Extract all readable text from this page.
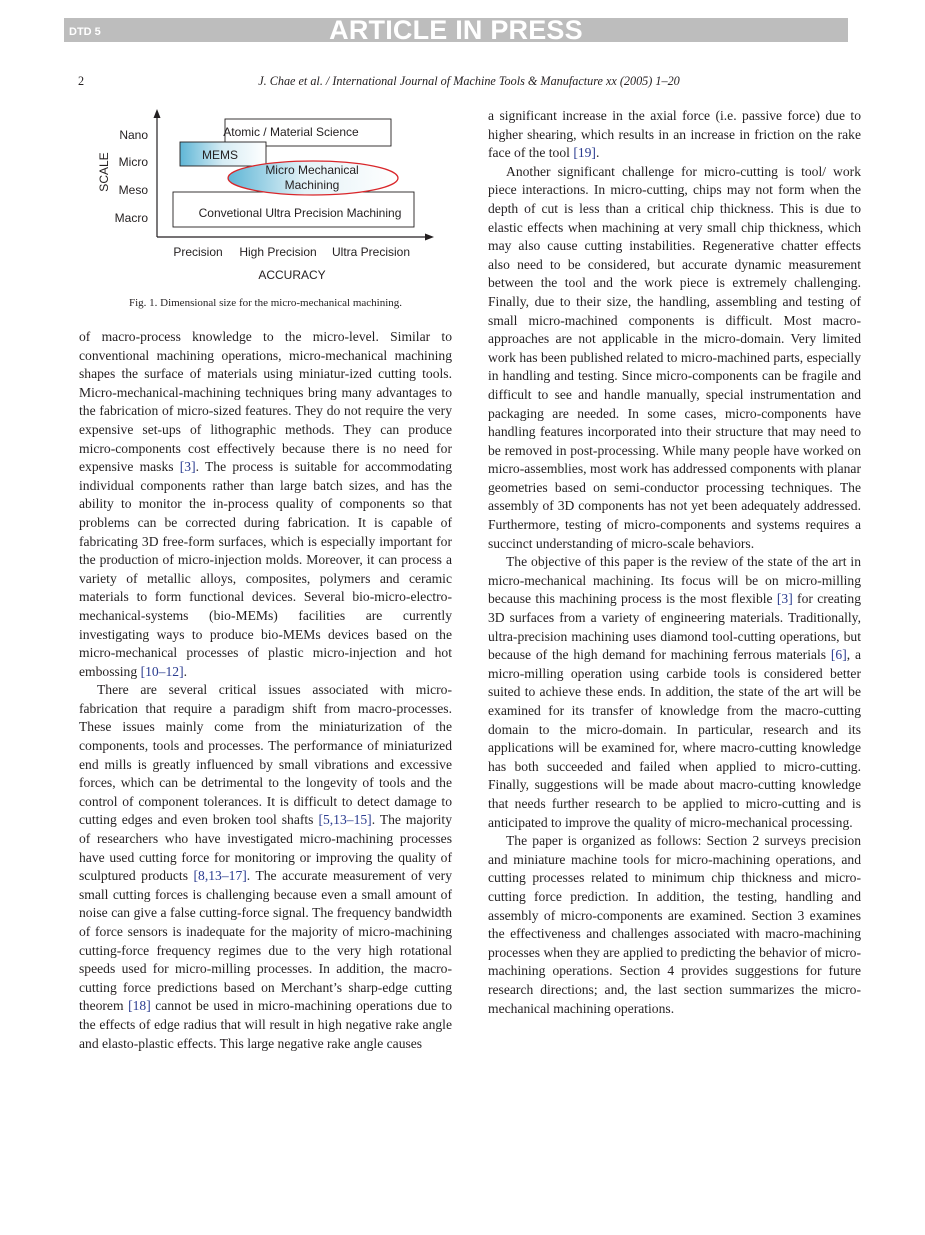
DTD 5	ARTICLE IN PRESS
2	J. Chae et al. / International Journal of Machine Tools & Manufacture xx (2005) 1–20
Nano
Micro
Meso
Macro
SCALE
Precision High Precision Ultra Precision
ACCURACY
Atomic / Material Science
MEMS
Convetional Ultra Precision Machining
Micro Mechanical
Machining
Fig. 1. Dimensional size for the micro-mechanical machining.

of macro-process knowledge to the micro-level. Similar to conventional machining operations, micro-mechanical machining shapes the surface of materials using miniatur-ized cutting tools. Micro-mechanical-machining techniques bring many advantages to the fabrication of micro-sized features. They do not require the very expensive set-ups of lithographic methods. They can produce micro-components cost effectively because there is no need for expensive masks [3]. The process is suitable for accommodating individual components rather than large batch sizes, and has the ability to monitor the in-process quality of components so that problems can be corrected during fabrication. It is capable of fabricating 3D free-form surfaces, which is especially important for the production of micro-injection molds. Moreover, it can process a variety of metallic alloys, composites, polymers and ceramic materials to form functional devices. Several bio-micro-electro-mechanical-systems (bio-MEMs) facilities are currently investigating ways to produce bio-MEMs devices based on the micro-mechanical processes of plastic micro-injection and hot embossing [10–12].

There are several critical issues associated with micro-fabrication that require a paradigm shift from macro-processes. These issues mainly come from the miniaturization of the components, tools and processes. The performance of miniaturized end mills is greatly influenced by small vibrations and excessive forces, which can be detrimental to the longevity of tools and the control of component tolerances. It is difficult to detect damage to cutting edges and even broken tool shafts [5,13–15]. The majority of researchers who have investigated micro-machining processes have used cutting force for monitoring or improving the quality of sculptured products [8,13–17]. The accurate measurement of very small cutting forces is challenging because even a small amount of noise can give a false cutting-force signal. The frequency bandwidth of force sensors is inadequate for the majority of micro-machining cutting-force frequency regimes due to the very high rotational speeds used for micro-milling processes. In addition, the macro-cutting force predictions based on Merchant’s sharp-edge cutting theorem [18] cannot be used in micro-machining operations due to the effects of edge radius that will result in high negative rake angle and elasto-plastic effects. This large negative rake angle causes

a significant increase in the axial force (i.e. passive force) due to higher shearing, which results in an increase in friction on the rake face of the tool [19].

Another significant challenge for micro-cutting is tool/ work piece interactions. In micro-cutting, chips may not form when the depth of cut is less than a critical chip thickness. This is due to elastic effects when machining at very small chip thickness, which may also cause cutting instabilities. Regenerative chatter effects also need to be considered, but accurate dynamic measurement between the tool and the work piece is extremely challenging. Finally, due to their size, the handling, assembling and testing of small micro-machined components is difficult. Most macro-approaches are not applicable in the micro-domain. Very limited work has been published related to micro-machined parts, especially in handling and testing. Since micro-components can be fragile and difficult to see and handle manually, special instrumentation and packaging are needed. In some cases, micro-components have handling features incorporated into their structure that may need to be removed in post-processing. While many people have worked on micro-assemblies, most work has addressed components with planar geometries based on semi-conductor processing techniques. The assembly of 3D components has not yet been adequately addressed. Furthermore, testing of micro-components and systems requires a succinct understanding of micro-scale behaviors.

The objective of this paper is the review of the state of the art in micro-mechanical machining. Its focus will be on micro-milling because this machining process is the most flexible [3] for creating 3D surfaces from a variety of engineering materials. Traditionally, ultra-precision machining uses diamond tool-cutting operations, but because of the high demand for machining ferrous materials [6], a micro-milling operation using carbide tools is considered better suited to achieve these ends. In addition, the state of the art will be examined for its transfer of knowledge from the macro-cutting domain to the micro-domain. In particular, research and its applications will be examined for, where macro-cutting knowledge has both succeeded and failed when applied to micro-cutting. Finally, suggestions will be made about macro-cutting knowledge that needs further research to be applied to micro-cutting and is anticipated to improve the quality of micro-mechanical processing.

The paper is organized as follows: Section 2 surveys precision and miniature machine tools for micro-machining operations, and cutting processes related to minimum chip thickness and micro-cutting force prediction. In addition, the testing, handling and assembly of micro-components are examined. Section 3 examines the effectiveness and challenges associated with macro-machining processes when they are applied to predicting the behavior of micro-machining operations. Section 4 provides suggestions for future research directions; and, the last section summarizes the micro-mechanical machining operations.
